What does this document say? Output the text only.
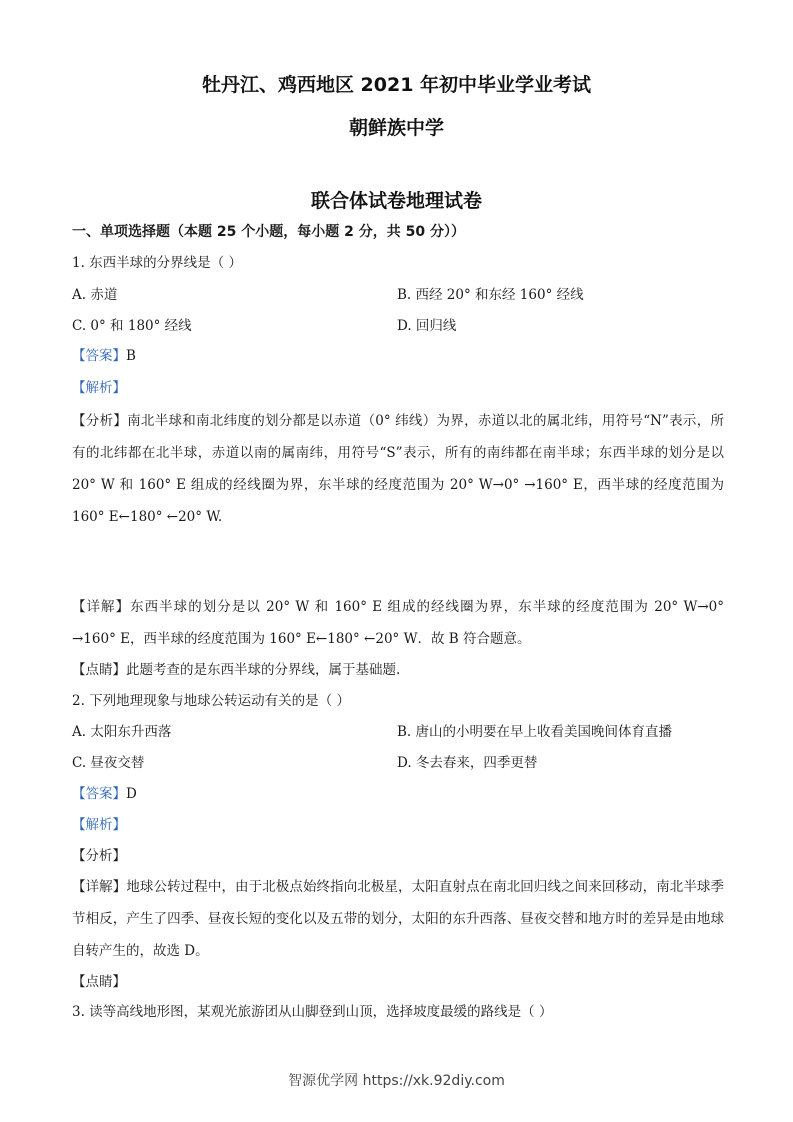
牡丹江、鸡西地区 2021 年初中毕业学业考试
朝鲜族中学
联合体试卷地理试卷
一、单项选择题（本题 25 个小题，每小题 2 分，共 50 分））
1. 东西半球的分界线是（ ）
A. 赤道	B. 西经 20° 和东经 160° 经线
C. 0° 和 180° 经线	D. 回归线
【答案】B
【解析】
【分析】南北半球和南北纬度的划分都是以赤道（0° 纬线）为界，赤道以北的属北纬，用符号“N”表示，所有的北纬都在北半球，赤道以南的属南纬，用符号“S”表示，所有的南纬都在南半球；东西半球的划分是以 20° W 和 160° E 组成的经线圈为界，东半球的经度范围为 20° W→0° →160° E，西半球的经度范围为 160° E←180° ←20° W.
【详解】东西半球的划分是以 20° W 和 160° E 组成的经线圈为界，东半球的经度范围为 20° W→0° →160° E，西半球的经度范围为 160° E←180° ←20° W．故 B 符合题意。
【点睛】此题考查的是东西半球的分界线，属于基础题.
2. 下列地理现象与地球公转运动有关的是（ ）
A. 太阳东升西落	B. 唐山的小明要在早上收看美国晚间体育直播
C. 昼夜交替	D. 冬去春来，四季更替
【答案】D
【解析】
【分析】
【详解】地球公转过程中，由于北极点始终指向北极星，太阳直射点在南北回归线之间来回移动，南北半球季节相反，产生了四季、昼夜长短的变化以及五带的划分，太阳的东升西落、昼夜交替和地方时的差异是由地球自转产生的，故选 D。
【点睛】
3. 读等高线地形图，某观光旅游团从山脚登到山顶，选择坡度最缓的路线是（ ）
智源优学网 https://xk.92diy.com
